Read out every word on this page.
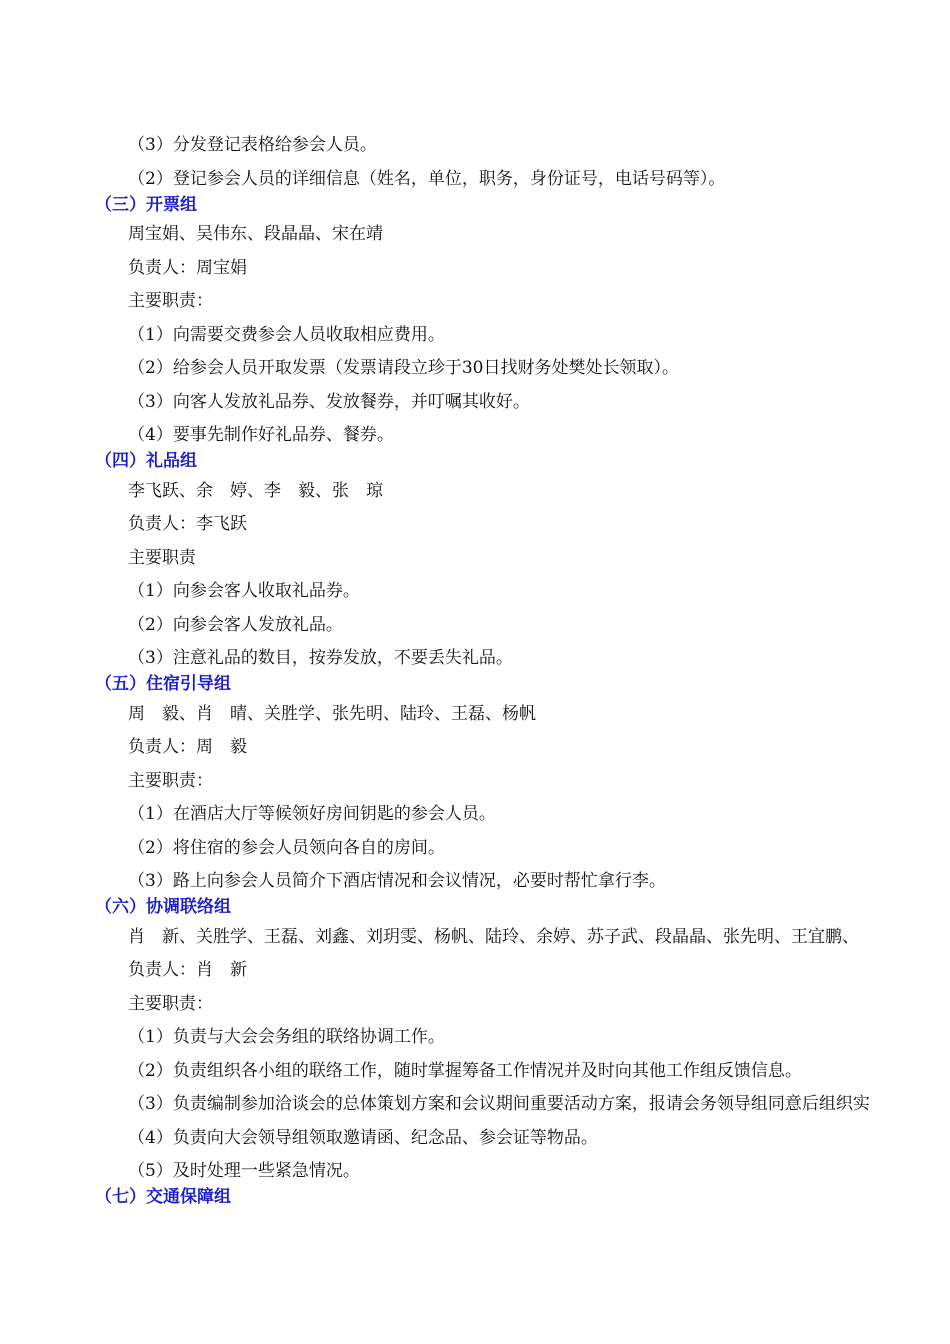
（3）分发登记表格给参会人员。
（2）登记参会人员的详细信息（姓名，单位，职务，身份证号，电话号码等）。
（三）开票组
周宝娟、吴伟东、段晶晶、宋在靖
负责人：周宝娟
主要职责：
（1）向需要交费参会人员收取相应费用。
（2）给参会人员开取发票（发票请段立珍于30日找财务处樊处长领取）。
（3）向客人发放礼品券、发放餐券，并叮嘱其收好。
（4）要事先制作好礼品券、餐券。
（四）礼品组
李飞跃、余　婷、李　毅、张　琼
负责人：李飞跃
主要职责
（1）向参会客人收取礼品券。
（2）向参会客人发放礼品。
（3）注意礼品的数目，按券发放，不要丢失礼品。
（五）住宿引导组
周　毅、肖　晴、关胜学、张先明、陆玲、王磊、杨帆
负责人：周　毅
主要职责：
（1）在酒店大厅等候领好房间钥匙的参会人员。
（2）将住宿的参会人员领向各自的房间。
（3）路上向参会人员简介下酒店情况和会议情况，必要时帮忙拿行李。
（六）协调联络组
肖　新、关胜学、王磊、刘鑫、刘玥雯、杨帆、陆玲、余婷、苏子武、段晶晶、张先明、王宜鹏、
负责人：肖　新
主要职责：
（1）负责与大会会务组的联络协调工作。
（2）负责组织各小组的联络工作，随时掌握筹备工作情况并及时向其他工作组反馈信息。
（3）负责编制参加洽谈会的总体策划方案和会议期间重要活动方案，报请会务领导组同意后组织实
（4）负责向大会领导组领取邀请函、纪念品、参会证等物品。
（5）及时处理一些紧急情况。
（七）交通保障组
